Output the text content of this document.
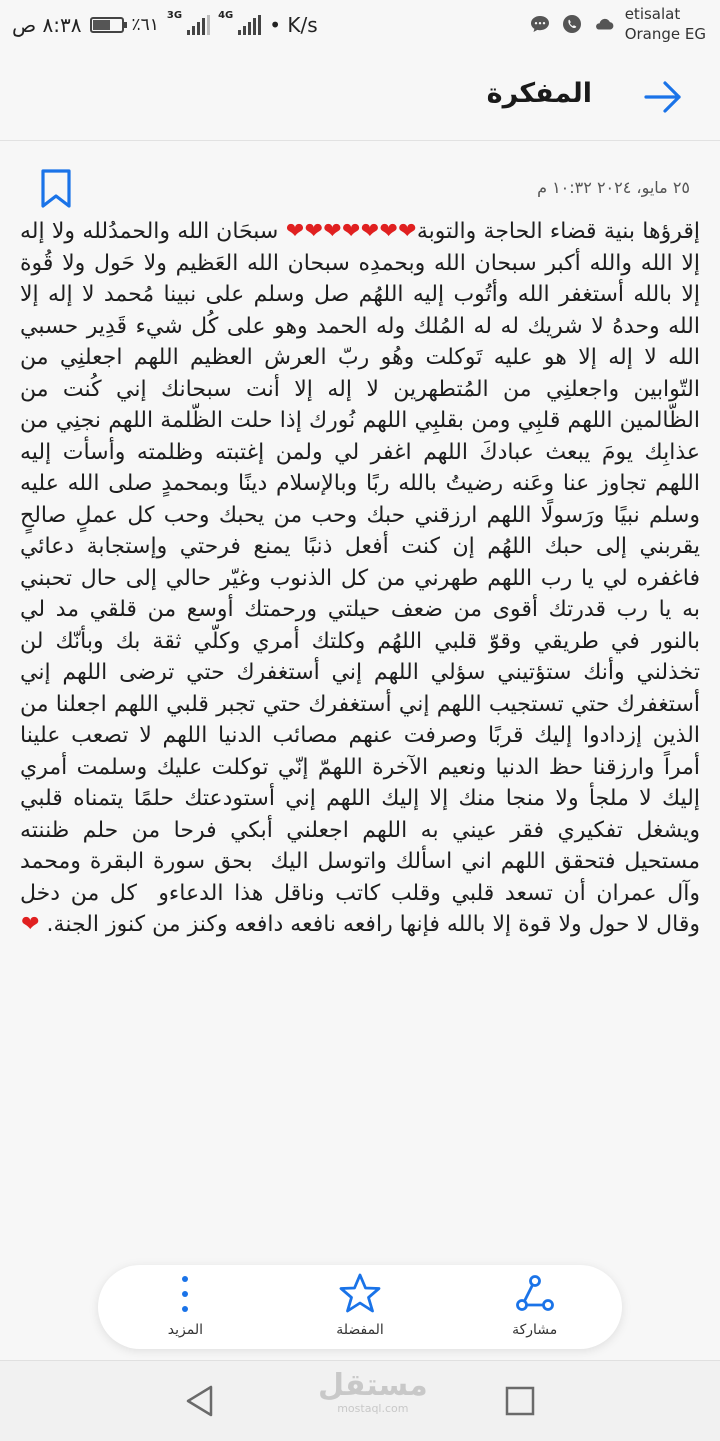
٨:٣٨ ص	٪٦١ 3G	4G • K/s	etisalat
Orange EG
المفكرة
٢٥ مايو، ٢٠٢٤ ١٠:٣٢ م
إقرؤها بنية قضاء الحاجة والتوبة❤❤❤❤❤❤❤ سبحَان الله والحمدُلله ولا إله إلا الله والله أكبر سبحان الله وبحمدِه سبحان الله العَظيم ولا حَول ولا قُوة إلا بالله أستغفر الله وأتُوب إليه اللهُم صل وسلم على نبينا مُحمد لا إله إلا الله وحدهُ لا شريك له له المُلك وله الحمد وهو على كُل شيء قَدِير حسبي الله لا إله إلا هو عليه تَوكلت وهُو ربّ العرش العظيم اللهم اجعلنِي من التّوابين واجعلنِي من المُتطهرين لا إله إلا أنت سبحانك إني كُنت من الظّالمين اللهم قلبِي ومن بقلبِي اللهم نُورك إذا حلت الظّلمة اللهم نجنِي من عذابِك يومَ يبعث عبادكَ اللهم اغفر لي ولمن إغتبته وظلمته وأسأت إليه اللهم تجاوز عنا وعَنه رضيتُ بالله ربًا وبالإسلام دينًا وبمحمدٍ صلى الله عليه وسلم نبيًا ورَسولًا اللهم ارزقني حبك وحب من يحبك وحب كل عملٍ صالحٍ يقربني إلى حبك اللهُم إن كنت أفعل ذنبًا يمنع فرحتي وإستجابة دعائي فاغفره لي يا رب اللهم طهرني من كل الذنوب وغيّر حالي إلى حال تحبني به يا رب قدرتك أقوى من ضعف حيلتي ورحمتك أوسع من قلقي مد لي بالنور في طريقي وقوّ قلبي اللهُم وكلتك أمري وكلّي ثقة بك وبأنّك لن تخذلني وأنك ستؤتيني سؤلي اللهم إني أستغفرك حتي ترضى اللهم إني أستغفرك حتي تستجيب اللهم إني أستغفرك حتي تجبر قلبي اللهم اجعلنا من الذين إزدادوا إليك قربًا وصرفت عنهم مصائب الدنيا اللهم لا تصعب علينا أمراً وارزقنا حظ الدنيا ونعيم الآخرة اللهمّ إنّي توكلت عليك وسلمت أمري إليك لا ملجأ ولا منجا منك إلا إليك اللهم إني أستودعتك حلمًا يتمناه قلبي ويشغل تفكيري فقر عيني به اللهم اجعلني أبكي فرحا من حلم ظننته مستحيل فتحقق اللهم اني اسألك واتوسل اليك  بحق سورة البقرة ومحمد وآل عمران أن تسعد قلبي وقلب كاتب وناقل هذا الدعاءو  كل من دخل وقال لا حول ولا قوة إلا بالله فإنها رافعه نافعه دافعه وكنز من كنوز الجنة. ❤
مشاركة
المفضلة
المزيد
مستقل
mostaql.com
